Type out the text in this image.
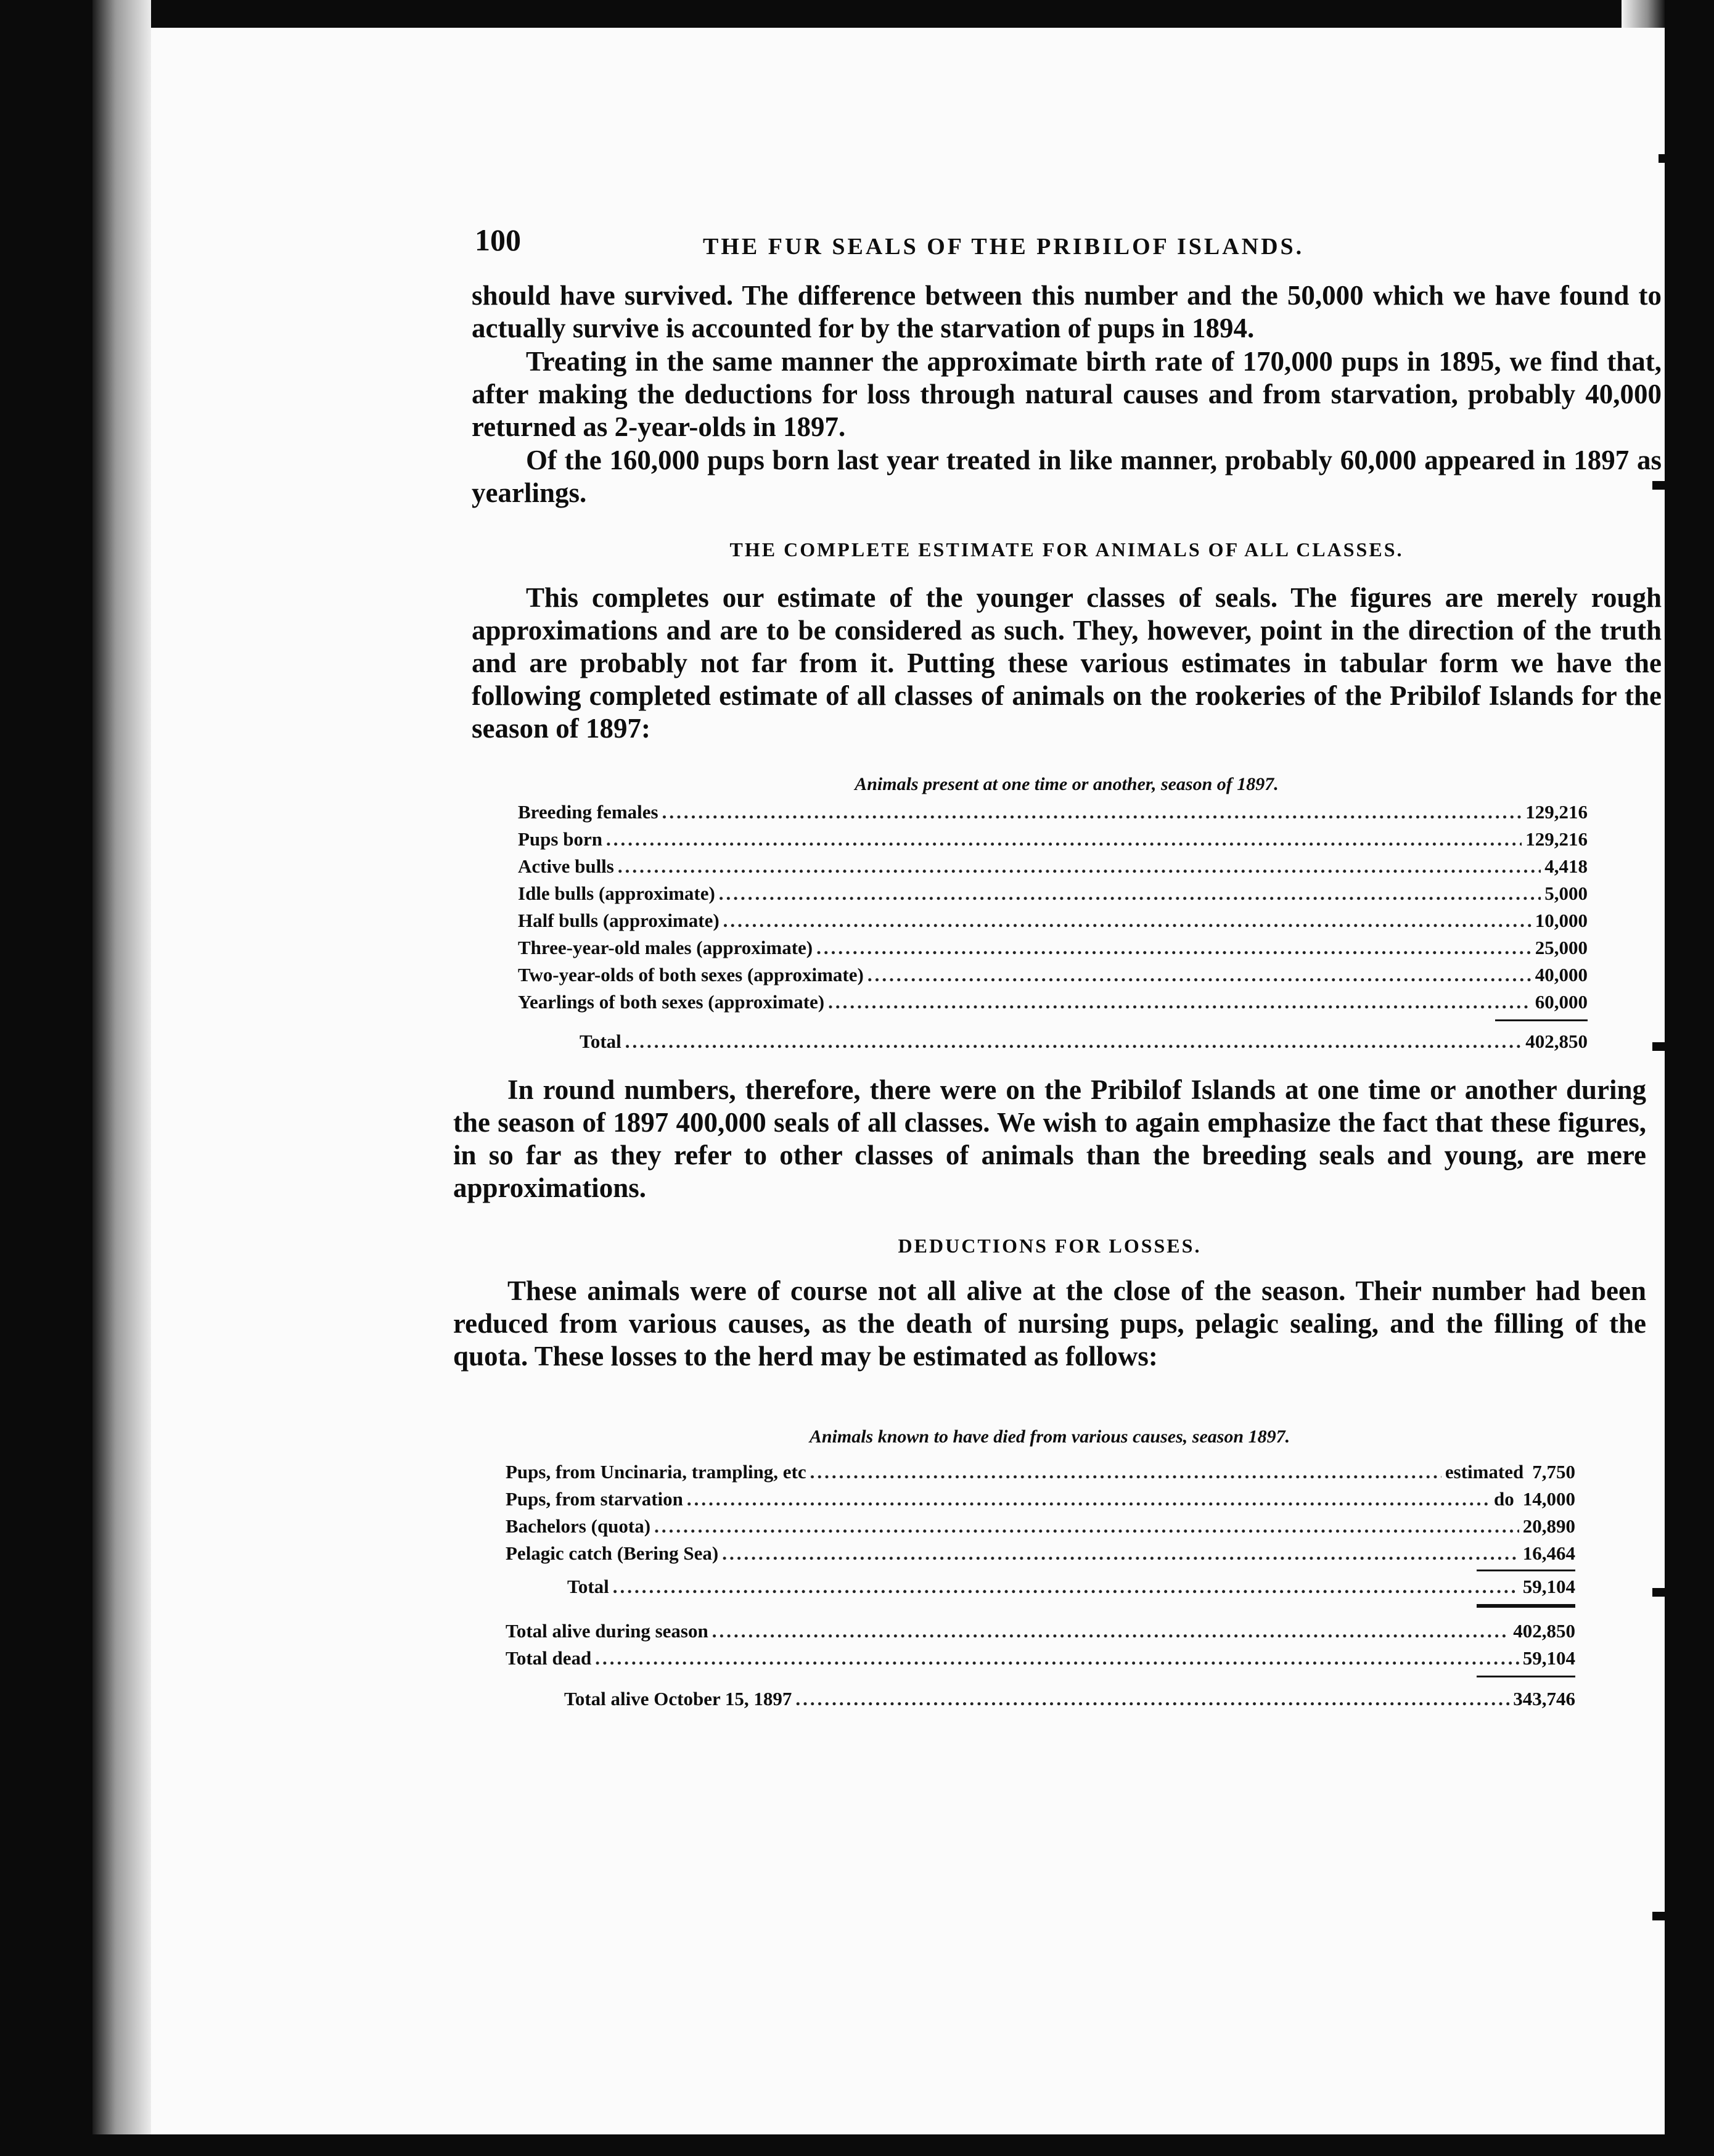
100	THE FUR SEALS OF THE PRIBILOF ISLANDS.

should have survived. The difference between this number and the 50,000 which we have found to actually survive is accounted for by the starvation of pups in 1894.

Treating in the same manner the approximate birth rate of 170,000 pups in 1895, we find that, after making the deductions for loss through natural causes and from starvation, probably 40,000 returned as 2-year-olds in 1897.

Of the 160,000 pups born last year treated in like manner, probably 60,000 appeared in 1897 as yearlings.

THE COMPLETE ESTIMATE FOR ANIMALS OF ALL CLASSES.

This completes our estimate of the younger classes of seals. The figures are merely rough approximations and are to be considered as such. They, however, point in the direction of the truth and are probably not far from it. Putting these various estimates in tabular form we have the following completed estimate of all classes of animals on the rookeries of the Pribilof Islands for the season of 1897:

Animals present at one time or another, season of 1897.
Breeding females .....	129,216
Pups born .....	129,216
Active bulls .....	4,418
Idle bulls (approximate) .....	5,000
Half bulls (approximate) .....	10,000
Three-year-old males (approximate) .....	25,000
Two-year-olds of both sexes (approximate) .....	40,000
Yearlings of both sexes (approximate) .....	60,000
Total .....	402,850

In round numbers, therefore, there were on the Pribilof Islands at one time or another during the season of 1897 400,000 seals of all classes. We wish to again emphasize the fact that these figures, in so far as they refer to other classes of animals than the breeding seals and young, are mere approximations.

DEDUCTIONS FOR LOSSES.

These animals were of course not all alive at the close of the season. Their number had been reduced from various causes, as the death of nursing pups, pelagic sealing, and the filling of the quota. These losses to the herd may be estimated as follows:

Animals known to have died from various causes, season 1897.
Pups, from Uncinaria, trampling, etc .....	estimated 7,750
Pups, from starvation .....	do 14,000
Bachelors (quota) .....	20,890
Pelagic catch (Bering Sea) .....	16,464
Total .....	59,104
Total alive during season .....	402,850
Total dead .....	59,104
Total alive October 15, 1897 .....	343,746
